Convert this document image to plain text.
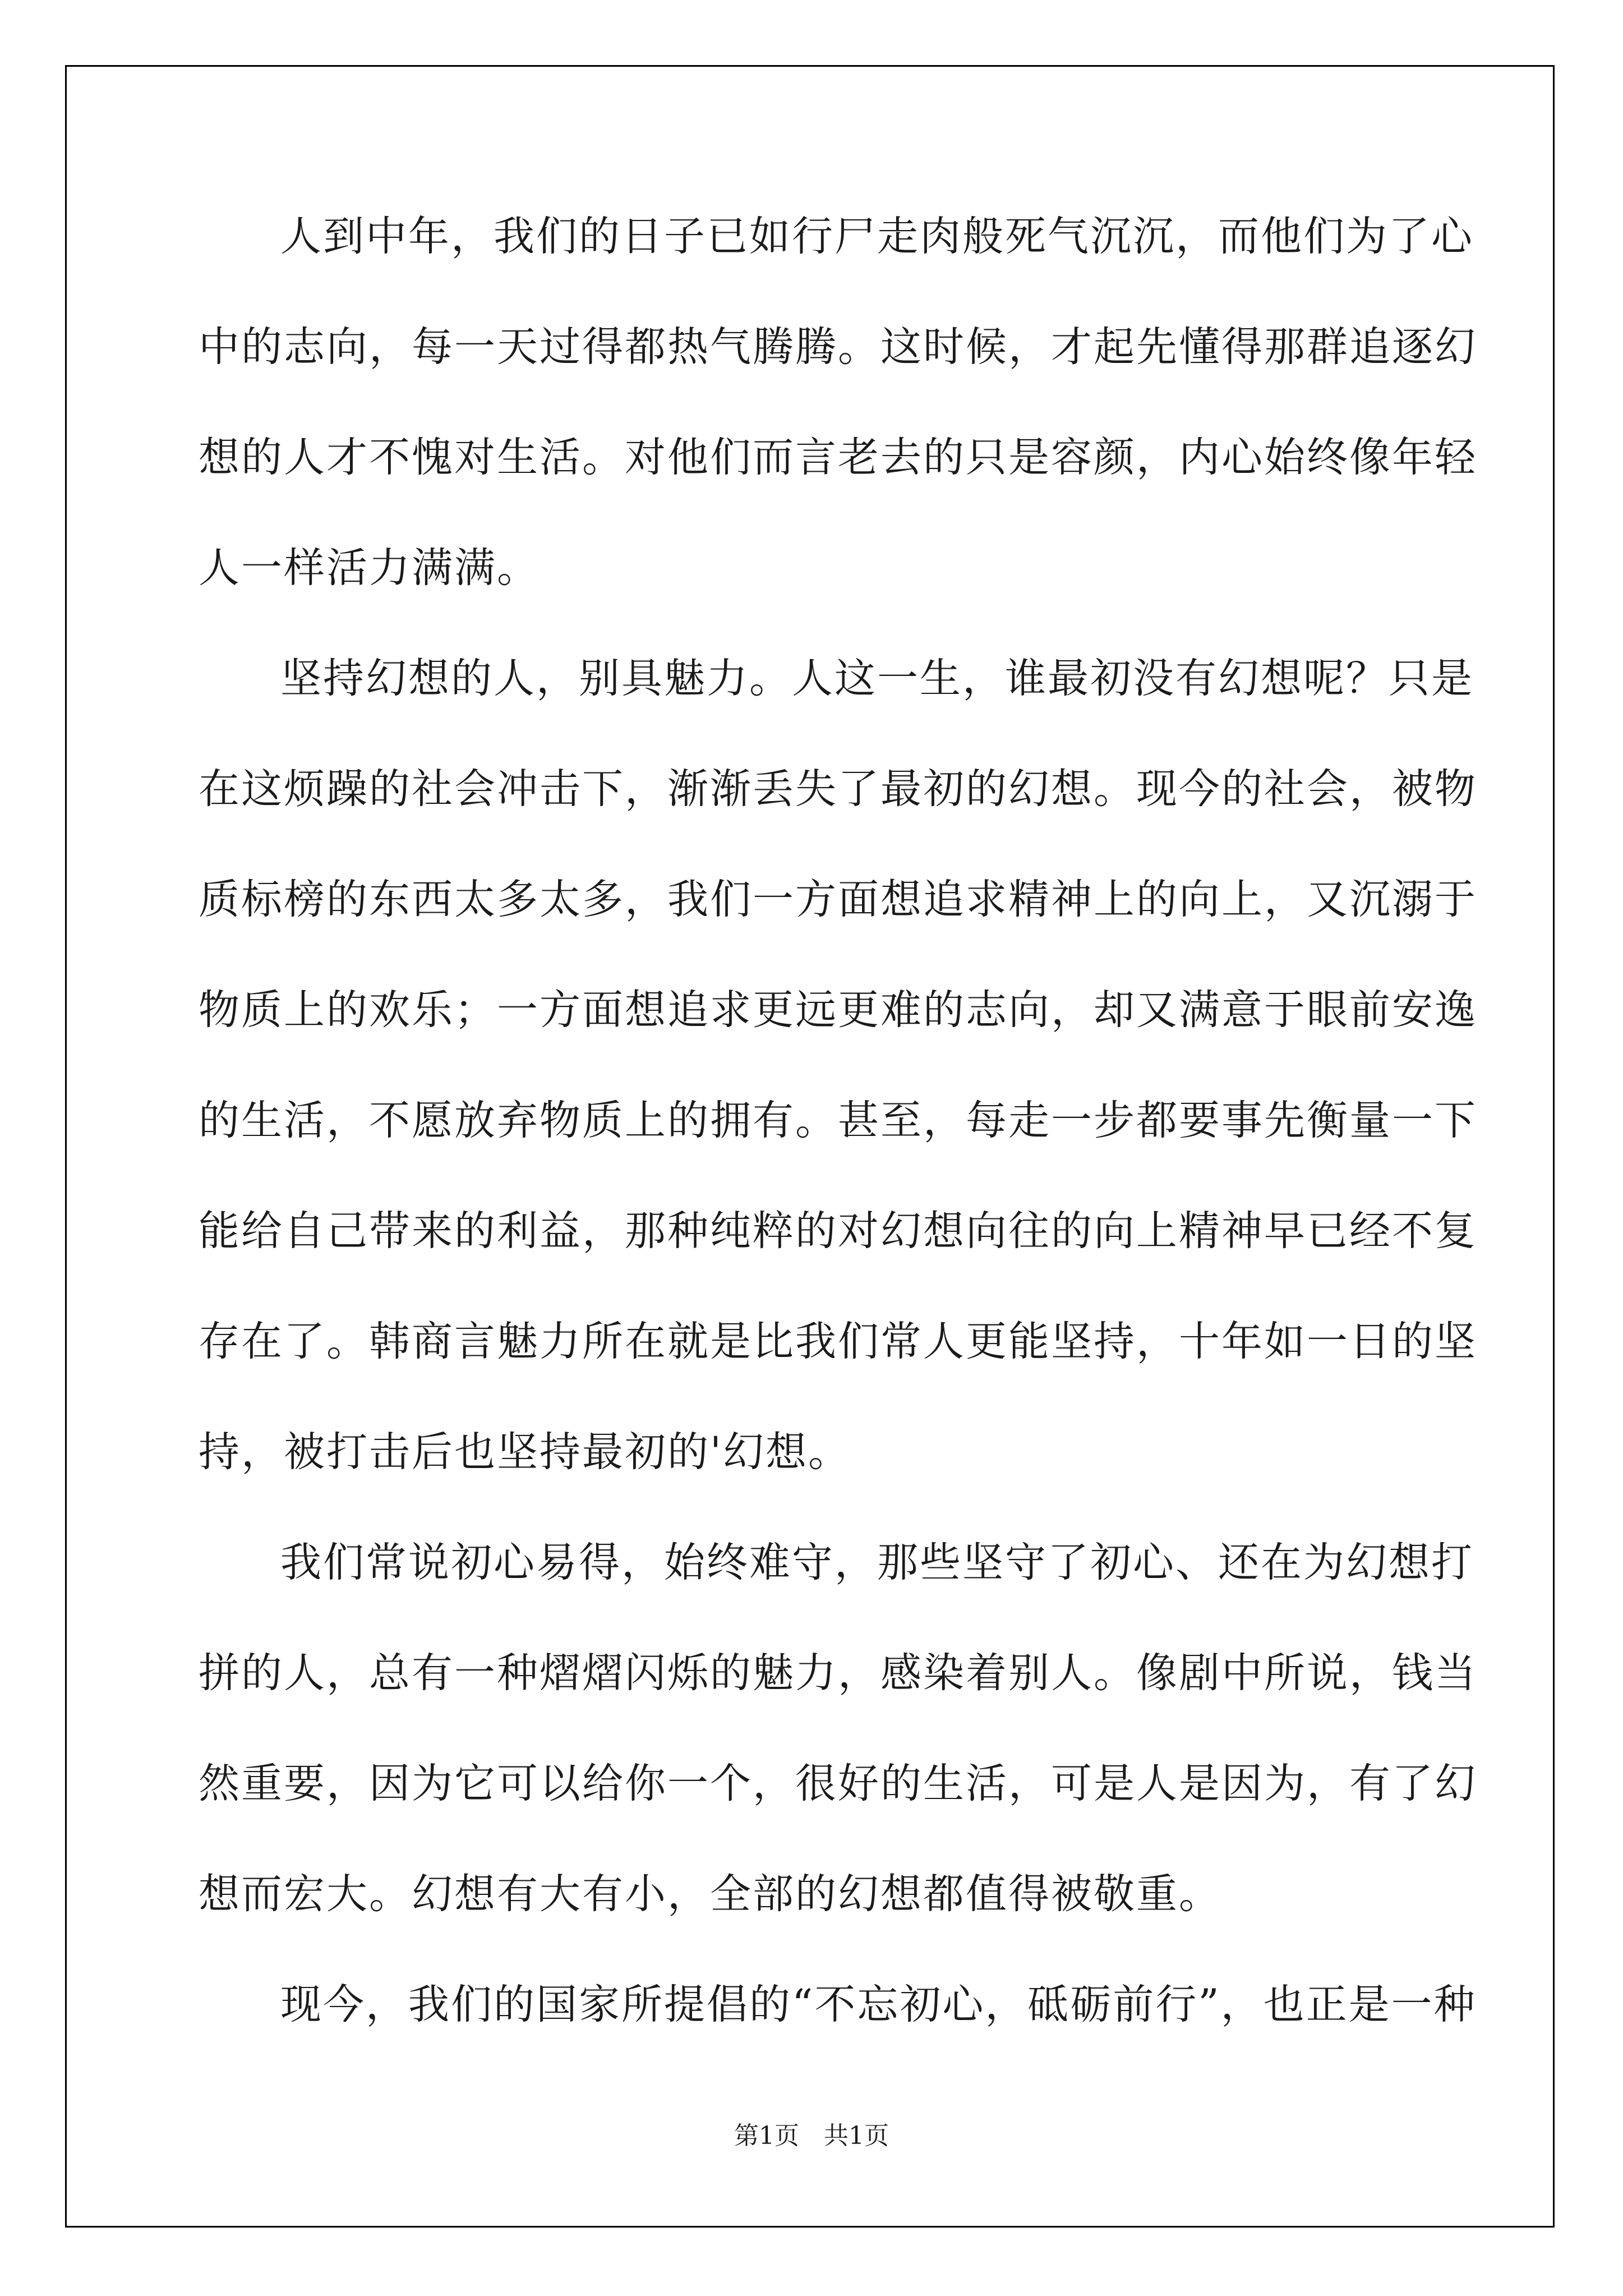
人到中年，我们的日子已如行尸走肉般死气沉沉，而他们为了心
中的志向，每一天过得都热气腾腾。这时候，才起先懂得那群追逐幻
想的人才不愧对生活。对他们而言老去的只是容颜，内心始终像年轻
人一样活力满满。
坚持幻想的人，别具魅力。人这一生，谁最初没有幻想呢？只是
在这烦躁的社会冲击下，渐渐丢失了最初的幻想。现今的社会，被物
质标榜的东西太多太多，我们一方面想追求精神上的向上，又沉溺于
物质上的欢乐；一方面想追求更远更难的志向，却又满意于眼前安逸
的生活，不愿放弃物质上的拥有。甚至，每走一步都要事先衡量一下
能给自己带来的利益，那种纯粹的对幻想向往的向上精神早已经不复
存在了。韩商言魅力所在就是比我们常人更能坚持，十年如一日的坚
持，被打击后也坚持最初的'幻想。
我们常说初心易得，始终难守，那些坚守了初心、还在为幻想打
拼的人，总有一种熠熠闪烁的魅力，感染着别人。像剧中所说，钱当
然重要，因为它可以给你一个，很好的生活，可是人是因为，有了幻
想而宏大。幻想有大有小，全部的幻想都值得被敬重。
现今，我们的国家所提倡的“不忘初心，砥砺前行”，也正是一种
第1页　共1页
